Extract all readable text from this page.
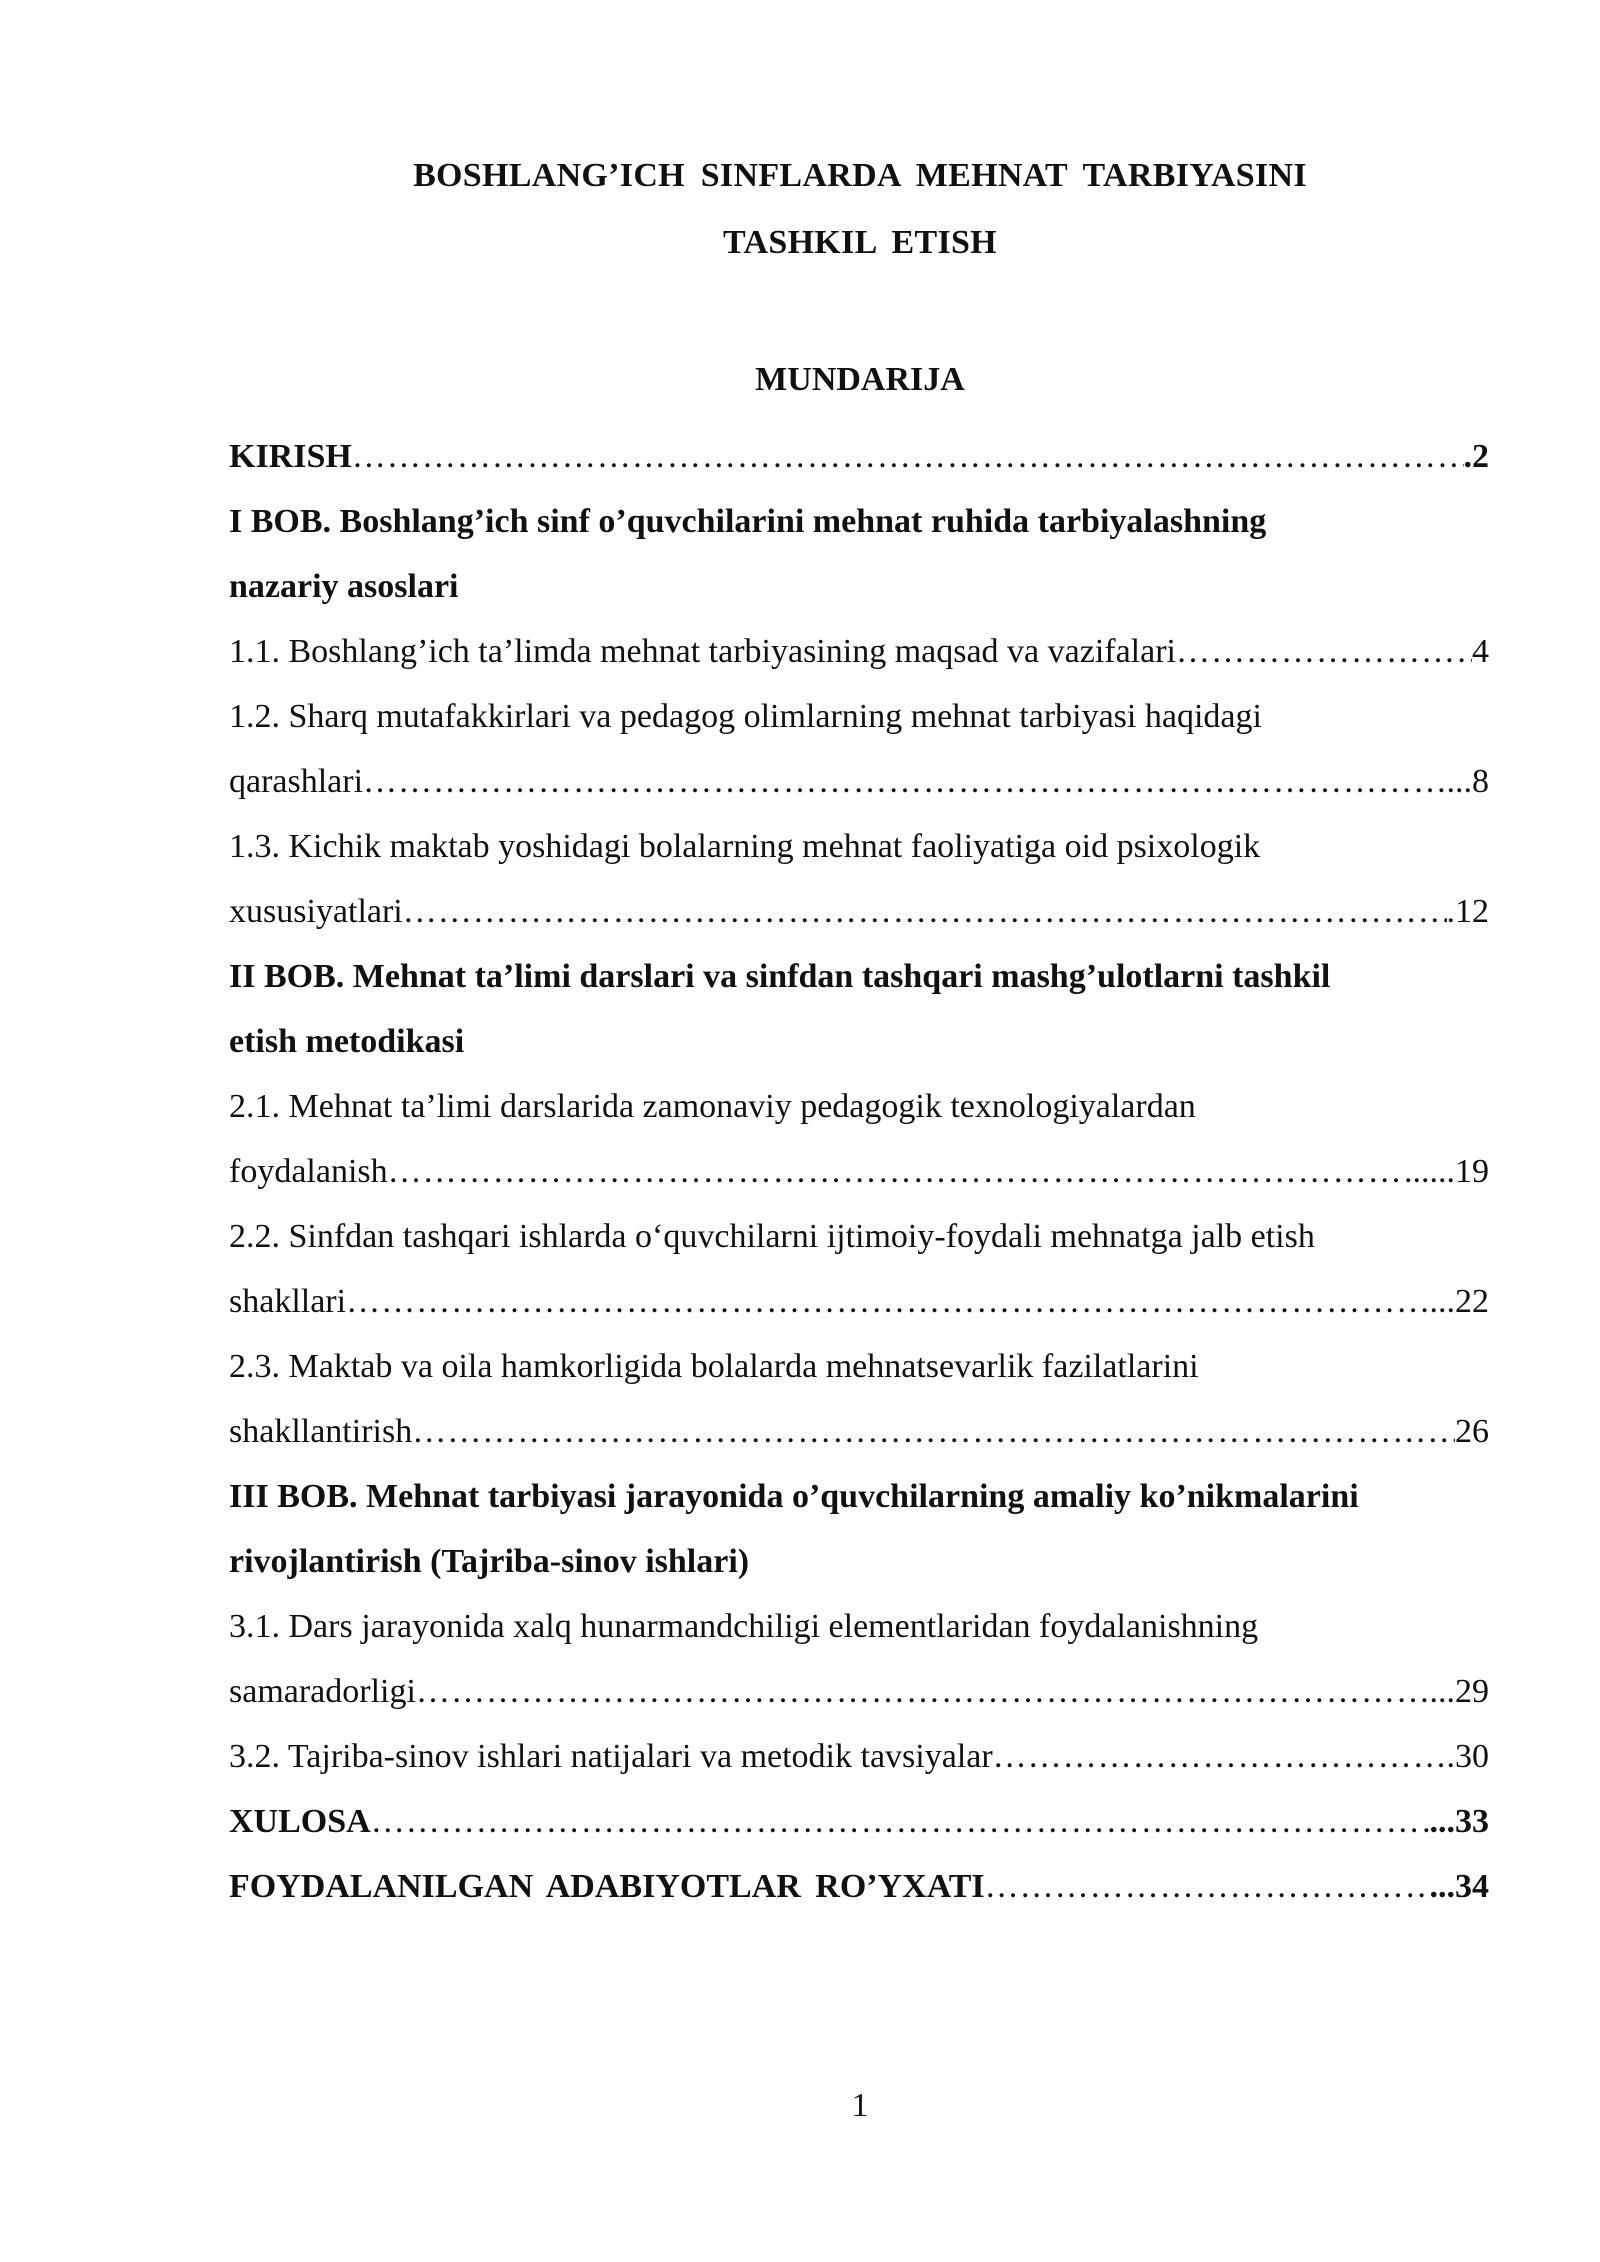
BOSHLANG’ICH SINFLARDA MEHNAT TARBIYASINI
TASHKIL ETISH
MUNDARIJA
KIRISH ……………………………………………………………………………………………………………………………………………………	.2
I BOB. Boshlang’ich sinf o’quvchilarini mehnat ruhida tarbiyalashning
nazariy asoslari
1.1. Boshlang’ich ta’limda mehnat tarbiyasining maqsad va vazifalari ……………………………………………………………………………………………………………………………………………………	4
1.2. Sharq mutafakkirlari va pedagog olimlarning mehnat tarbiyasi haqidagi
qarashlari ……………………………………………………………………………………………………………………………………………………	...8
1.3. Kichik maktab yoshidagi bolalarning mehnat faoliyatiga oid psixologik
xususiyatlari ……………………………………………………………………………………………………………………………………………………	.12
II BOB. Mehnat ta’limi darslari va sinfdan tashqari mashg’ulotlarni tashkil
etish metodikasi
2.1. Mehnat ta’limi darslarida zamonaviy pedagogik texnologiyalardan
foydalanish ……………………………………………………………………………………………………………………………………………………	.....19
2.2. Sinfdan tashqari ishlarda o‘quvchilarni ijtimoiy-foydali mehnatga jalb etish
shakllari ……………………………………………………………………………………………………………………………………………………	...22
2.3. Maktab va oila hamkorligida bolalarda mehnatsevarlik fazilatlarini
shakllantirish ……………………………………………………………………………………………………………………………………………………	26
III BOB. Mehnat tarbiyasi jarayonida o’quvchilarning amaliy ko’nikmalarini
rivojlantirish (Tajriba-sinov ishlari)
3.1. Dars jarayonida xalq hunarmandchiligi elementlaridan foydalanishning
samaradorligi ……………………………………………………………………………………………………………………………………………………	...29
3.2. Tajriba-sinov ishlari natijalari va metodik tavsiyalar ……………………………………………………………………………………………………………………………………………………	.30
XULOSA ……………………………………………………………………………………………………………………………………………………	...33
FOYDALANILGAN ADABIYOTLAR RO’YXATI ……………………………………………………………………………………………………………………………………………………	...34
1
